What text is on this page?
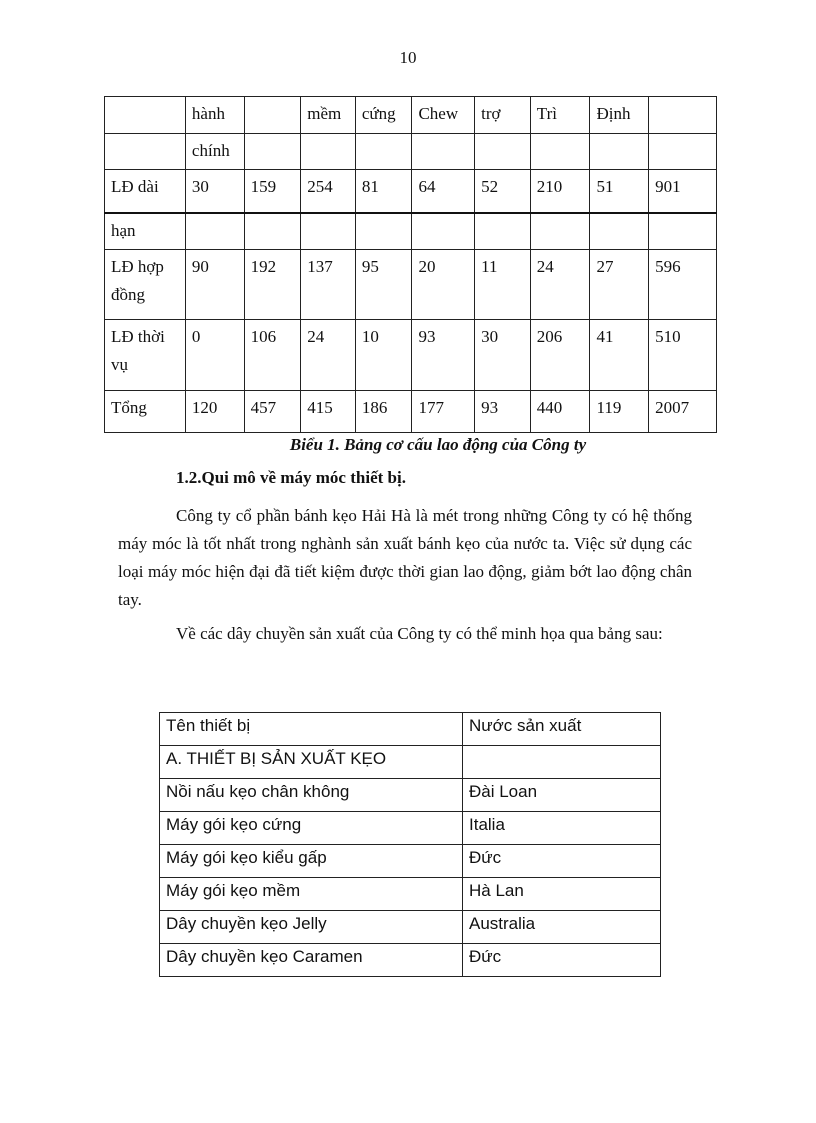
10
	hành		mềm	cứng	Chew	trợ	Trì	Định	
	chính								
LĐ dài	30	159	254	81	64	52	210	51	901
hạn									
LĐ hợp đồng	90	192	137	95	20	11	24	27	596
LĐ thời vụ	0	106	24	10	93	30	206	41	510
Tổng	120	457	415	186	177	93	440	119	2007
Biểu 1. Bảng cơ cấu lao động của Công ty
1.2.Qui mô về máy móc thiết bị.

Công ty cổ phần bánh kẹo Hải Hà là mét trong những Công ty có hệ thống máy móc là tốt nhất trong nghành sản xuất bánh kẹo của nước ta. Việc sử dụng các loại máy móc hiện đại đã tiết kiệm được thời gian lao động, giảm bớt lao động chân tay.

Về các dây chuyền sản xuất của Công ty có thể minh họa qua bảng sau:

Tên thiết bị	Nước sản xuất
A. THIẾT BỊ SẢN XUẤT KẸO	
Nồi nấu kẹo chân không	Đài Loan
Máy gói kẹo cứng	Italia
Máy gói kẹo kiểu gấp	Đức
Máy gói kẹo mềm	Hà Lan
Dây chuyền kẹo Jelly	Australia
Dây chuyền kẹo Caramen	Đức
